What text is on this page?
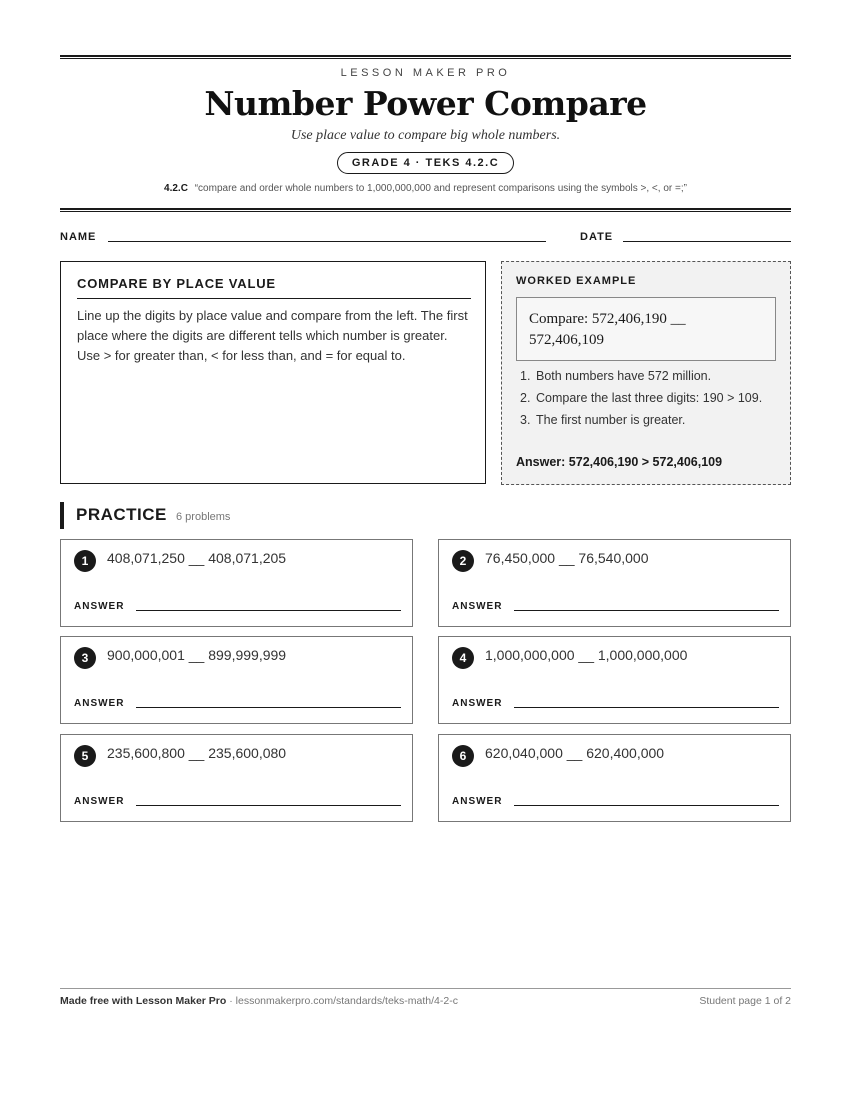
LESSON MAKER PRO
Number Power Compare
Use place value to compare big whole numbers.
GRADE 4 · TEKS 4.2.C
4.2.C “compare and order whole numbers to 1,000,000,000 and represent comparisons using the symbols >, <, or =;”
NAME	DATE
COMPARE BY PLACE VALUE

Line up the digits by place value and compare from the left. The first place where the digits are different tells which number is greater. Use > for greater than, < for less than, and = for equal to.

WORKED EXAMPLE
Compare: 572,406,190 __ 572,406,109
1. Both numbers have 572 million.
2. Compare the last three digits: 190 > 109.
3. The first number is greater.
Answer: 572,406,190 > 572,406,109
PRACTICE 6 problems
1	408,071,250 __ 408,071,205
ANSWER
2	76,450,000 __ 76,540,000
ANSWER
3	900,000,001 __ 899,999,999
ANSWER
4	1,000,000,000 __ 1,000,000,000
ANSWER
5	235,600,800 __ 235,600,080
ANSWER
6	620,040,000 __ 620,400,000
ANSWER
Made free with Lesson Maker Pro · lessonmakerpro.com/standards/teks-math/4-2-c	Student page 1 of 2
